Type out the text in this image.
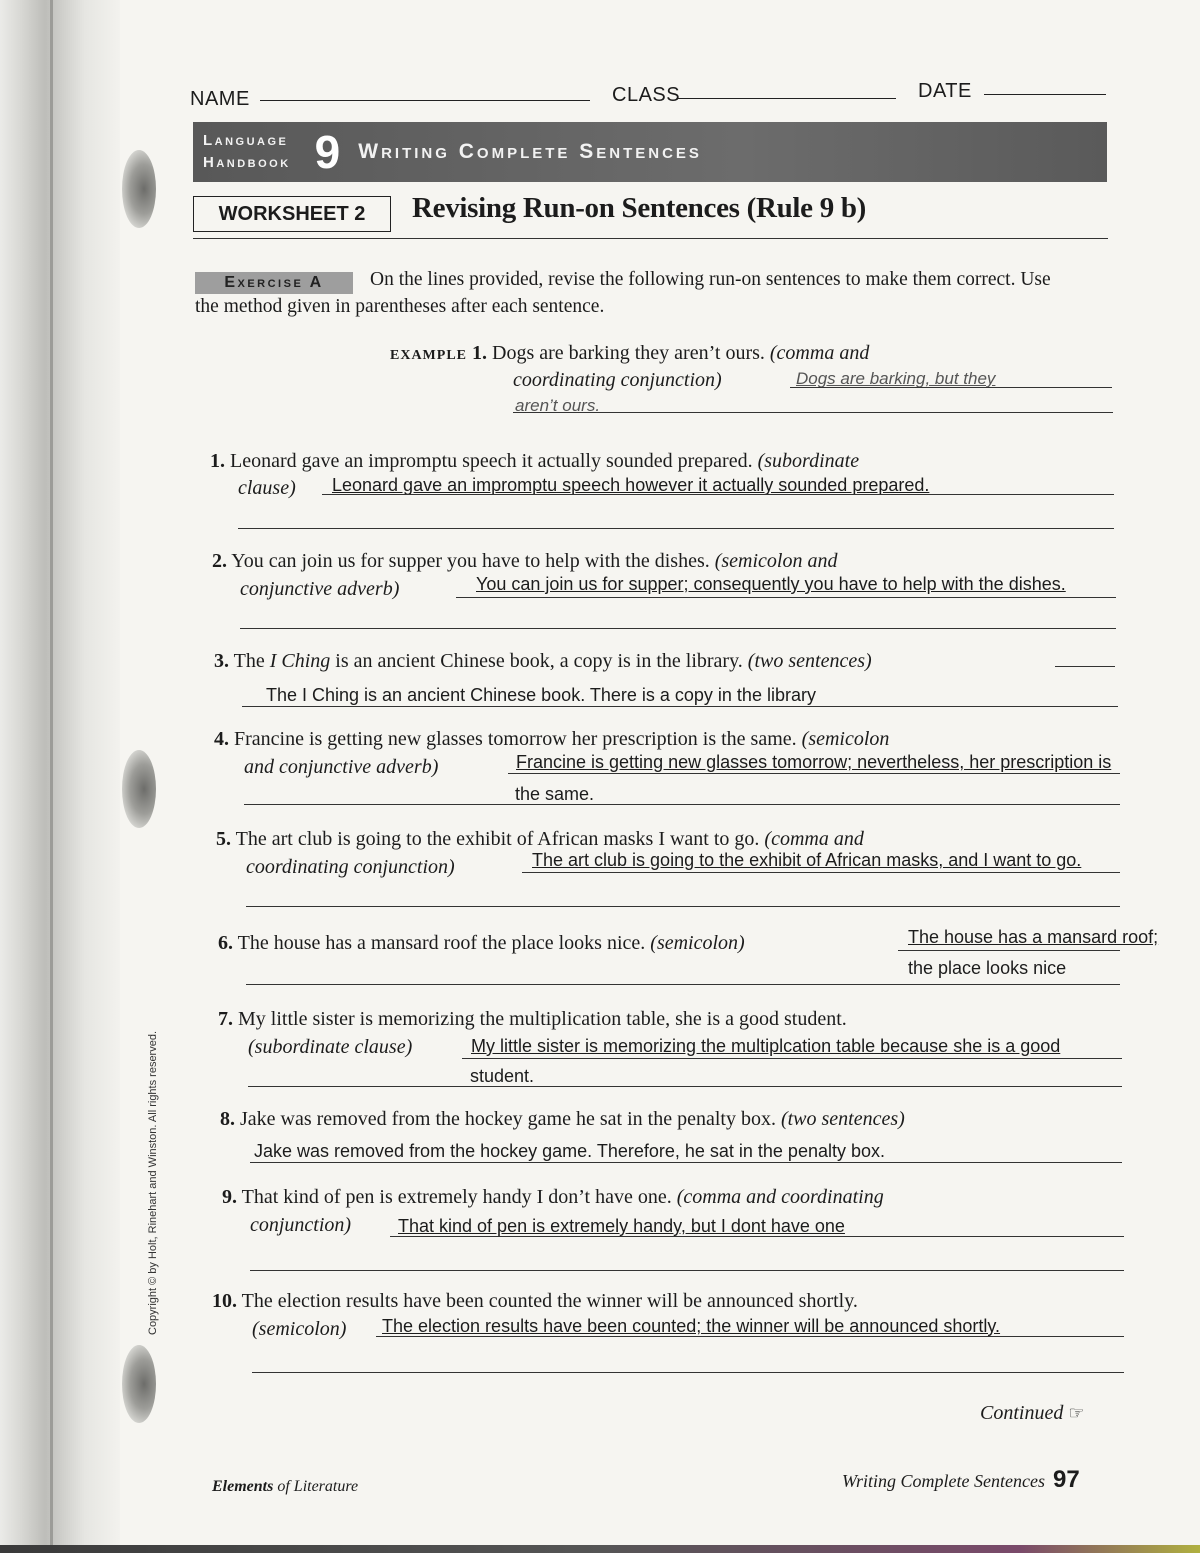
Copyright © by Holt, Rinehart and Winston. All rights reserved.
NAME	CLASS	DATE
Language
Handbook 9 Writing Complete Sentences
WORKSHEET 2	Revising Run-on Sentences (Rule 9 b)
Exercise A	On the lines provided, revise the following run-on sentences to make them correct. Use the method given in parentheses after each sentence.
EXAMPLE 1. Dogs are barking they aren’t ours. (comma and
coordinating conjunction)	Dogs are barking, but they
aren’t ours.
1. Leonard gave an impromptu speech it actually sounded prepared. (subordinate
clause) Leonard gave an impromptu speech however it actually sounded prepared.
2. You can join us for supper you have to help with the dishes. (semicolon and
conjunctive adverb)	You can join us for supper; consequently you have to help with the dishes.
3. The I Ching is an ancient Chinese book, a copy is in the library. (two sentences)
The I Ching is an ancient Chinese book. There is a copy in the library
4. Francine is getting new glasses tomorrow her prescription is the same. (semicolon
and conjunctive adverb)	Francine is getting new glasses tomorrow; nevertheless, her prescription is
the same.
5. The art club is going to the exhibit of African masks I want to go. (comma and
coordinating conjunction)	The art club is going to the exhibit of African masks, and I want to go.
6. The house has a mansard roof the place looks nice. (semicolon)	The house has a mansard roof;
the place looks nice
7. My little sister is memorizing the multiplication table, she is a good student.
(subordinate clause)	My little sister is memorizing the multiplcation table because she is a good
student.
8. Jake was removed from the hockey game he sat in the penalty box. (two sentences)
Jake was removed from the hockey game. Therefore, he sat in the penalty box.
9. That kind of pen is extremely handy I don’t have one. (comma and coordinating
conjunction)	That kind of pen is extremely handy, but I dont have one
10. The election results have been counted the winner will be announced shortly.
(semicolon) The election results have been counted; the winner will be announced shortly.
Continued ☞
Elements of Literature	Writing Complete Sentences 97
